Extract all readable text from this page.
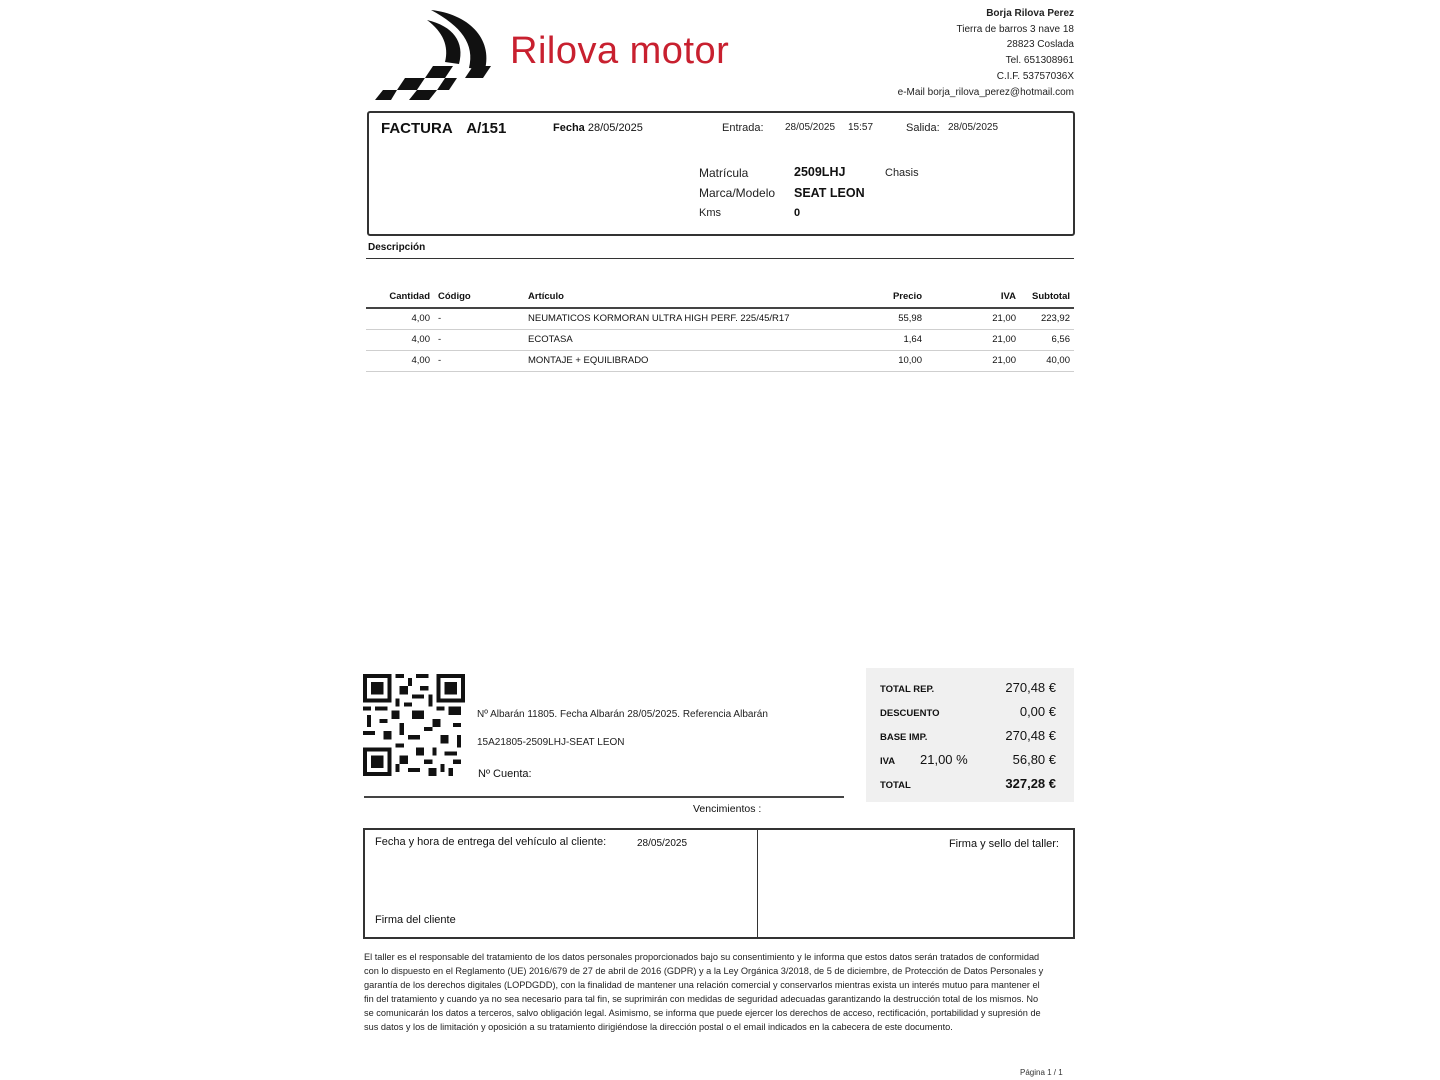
Rilova motor
Borja Rilova Perez
Tierra de barros 3 nave 18
28823 Coslada
Tel. 651308961
C.I.F. 53757036X
e-Mail borja_rilova_perez@hotmail.com
FACTURA A/151	Fecha 28/05/2025	Entrada: 28/05/2025 15:57	Salida: 28/05/2025
Matrícula	2509LHJ	Chasis
Marca/Modelo SEAT LEON
Kms	0
Descripción
Cantidad	Código	Artículo	Precio	IVA	Subtotal
4,00	-	NEUMATICOS KORMORAN ULTRA HIGH PERF. 225/45/R17	55,98	21,00	223,92
4,00	-	ECOTASA	1,64	21,00	6,56
4,00	-	MONTAJE + EQUILIBRADO	10,00	21,00	40,00
Nº Albarán 11805. Fecha Albarán 28/05/2025. Referencia Albarán
15A21805-2509LHJ-SEAT LEON
Nº Cuenta:
Vencimientos :
TOTAL REP.	270,48 €
DESCUENTO	0,00 €
BASE IMP.	270,48 €
IVA 21,00 %	56,80 €
TOTAL	327,28 €
Fecha y hora de entrega del vehículo al cliente:	28/05/2025
Firma del cliente
Firma y sello del taller:
El taller es el responsable del tratamiento de los datos personales proporcionados bajo su consentimiento y le informa que estos datos serán tratados de conformidad con lo dispuesto en el Reglamento (UE) 2016/679 de 27 de abril de 2016 (GDPR) y a la Ley Orgánica 3/2018, de 5 de diciembre, de Protección de Datos Personales y garantía de los derechos digitales (LOPDGDD), con la finalidad de mantener una relación comercial y conservarlos mientras exista un interés mutuo para mantener el fin del tratamiento y cuando ya no sea necesario para tal fin, se suprimirán con medidas de seguridad adecuadas garantizando la destrucción total de los mismos. No se comunicarán los datos a terceros, salvo obligación legal. Asimismo, se informa que puede ejercer los derechos de acceso, rectificación, portabilidad y supresión de sus datos y los de limitación y oposición a su tratamiento dirigiéndose la dirección postal o el email indicados en la cabecera de este documento.
Página 1 / 1
